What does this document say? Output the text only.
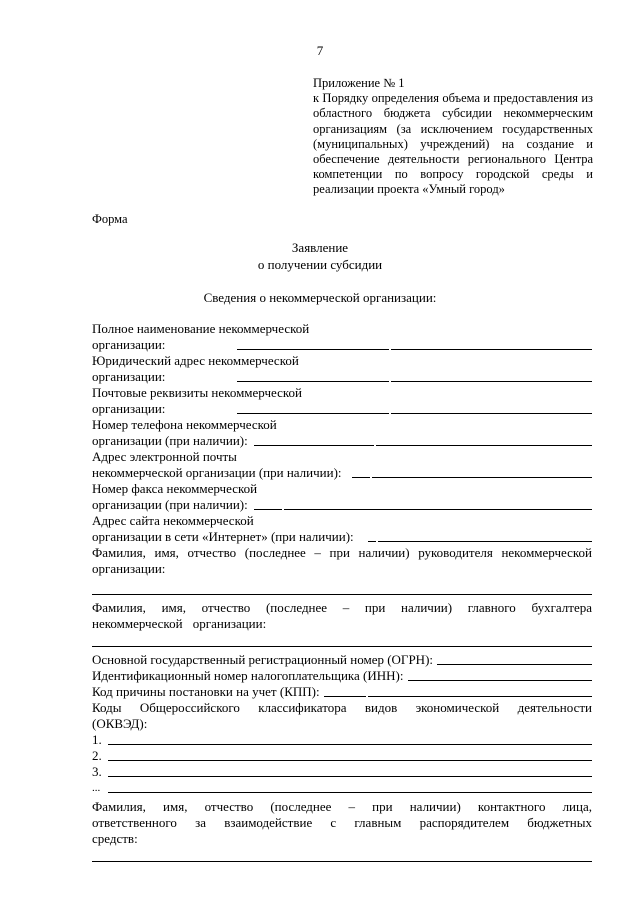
7
Приложение № 1
к Порядку определения объема и предоставления из областного бюджета субсидии некоммерческим организациям (за исключением государственных (муниципальных) учреждений) на создание и обеспечение деятельности регионального Центра компетенции по вопросу городской среды и реализации проекта «Умный город»
Форма
Заявление
о получении субсидии
Сведения о некоммерческой организации:
Полное наименование некоммерческой
организации:
Юридический адрес некоммерческой
организации:
Почтовые реквизиты некоммерческой
организации:
Номер телефона некоммерческой
организации (при наличии):
Адрес электронной почты
некоммерческой организации (при наличии):
Номер факса некоммерческой
организации (при наличии):
Адрес сайта некоммерческой
организации в сети «Интернет» (при наличии):
Фамилия, имя, отчество (последнее – при наличии) руководителя некоммерческой организации:
Фамилия, имя, отчество (последнее – при наличии) главного бухгалтера некоммерческой организации:
Основной государственный регистрационный номер (ОГРН):
Идентификационный номер налогоплательщика (ИНН):
Код причины постановки на учет (КПП):
Коды Общероссийского классификатора видов экономической деятельности (ОКВЭД):
1.
2.
3.
...
Фамилия, имя, отчество (последнее – при наличии) контактного лица, ответственного за взаимодействие с главным распорядителем бюджетных средств:
